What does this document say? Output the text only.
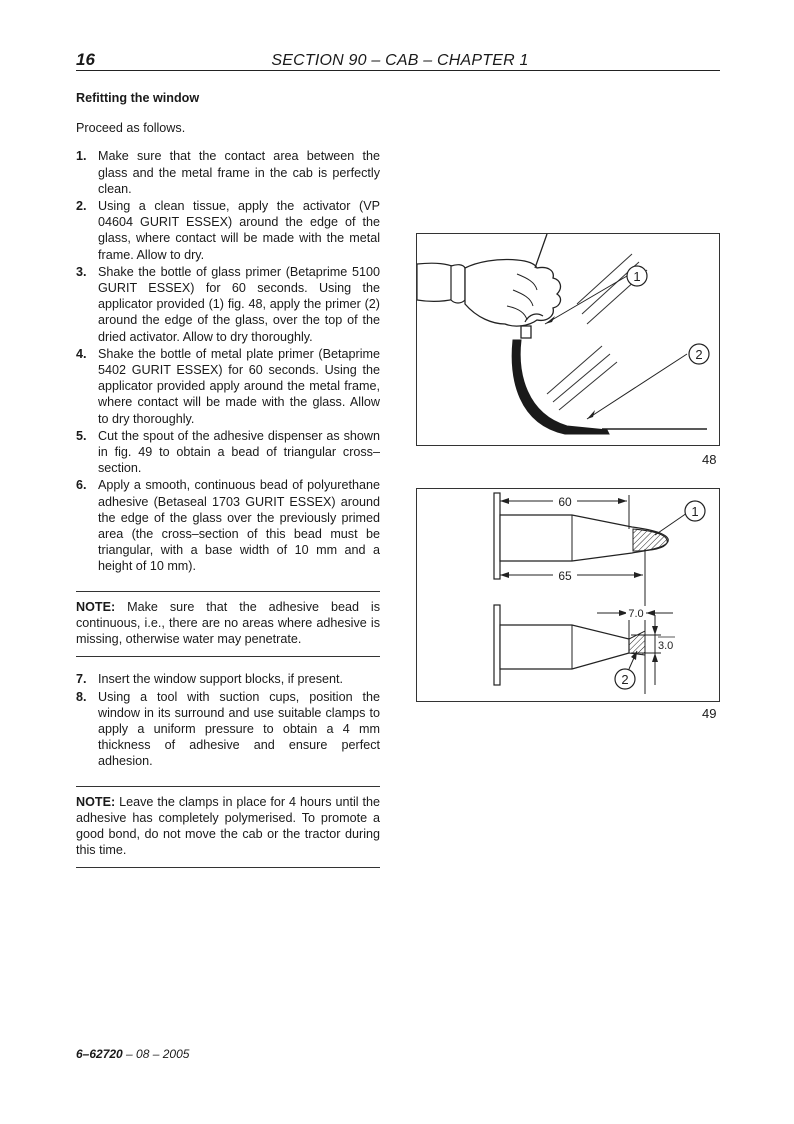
16	SECTION 90 – CAB – CHAPTER 1
Refitting the window
Proceed as follows.
1. Make sure that the contact area between the glass and the metal frame in the cab is perfectly clean.
2. Using a clean tissue, apply the activator (VP 04604 GURIT ESSEX) around the edge of the glass, where contact will be made with the metal frame. Allow to dry.
3. Shake the bottle of glass primer (Betaprime 5100 GURIT ESSEX) for 60 seconds. Using the applicator provided (1) fig. 48, apply the primer (2) around the edge of the glass, over the top of the dried activator. Allow to dry thoroughly.
4. Shake the bottle of metal plate primer (Betaprime 5402 GURIT ESSEX) for 60 seconds. Using the applicator provided apply around the metal frame, where contact will be made with the glass. Allow to dry thoroughly.
5. Cut the spout of the adhesive dispenser as shown in fig. 49 to obtain a bead of triangular cross–section.
6. Apply a smooth, continuous bead of polyurethane adhesive (Betaseal 1703 GURIT ESSEX) around the edge of the glass over the previously primed area (the cross–section of this bead must be triangular, with a base width of 10 mm and a height of 10 mm).
NOTE: Make sure that the adhesive bead is continuous, i.e., there are no areas where adhesive is missing, otherwise water may penetrate.
7. Insert the window support blocks, if present.
8. Using a tool with suction cups, position the window in its surround and use suitable clamps to apply a uniform pressure to obtain a 4 mm thickness of adhesive and ensure perfect adhesion.
NOTE: Leave the clamps in place for 4 hours until the adhesive has completely polymerised. To promote a good bond, do not move the cab or the tractor during this time.
1
2
48
60
65
1
7.0
3.0
2
49
6–62720 – 08 – 2005
